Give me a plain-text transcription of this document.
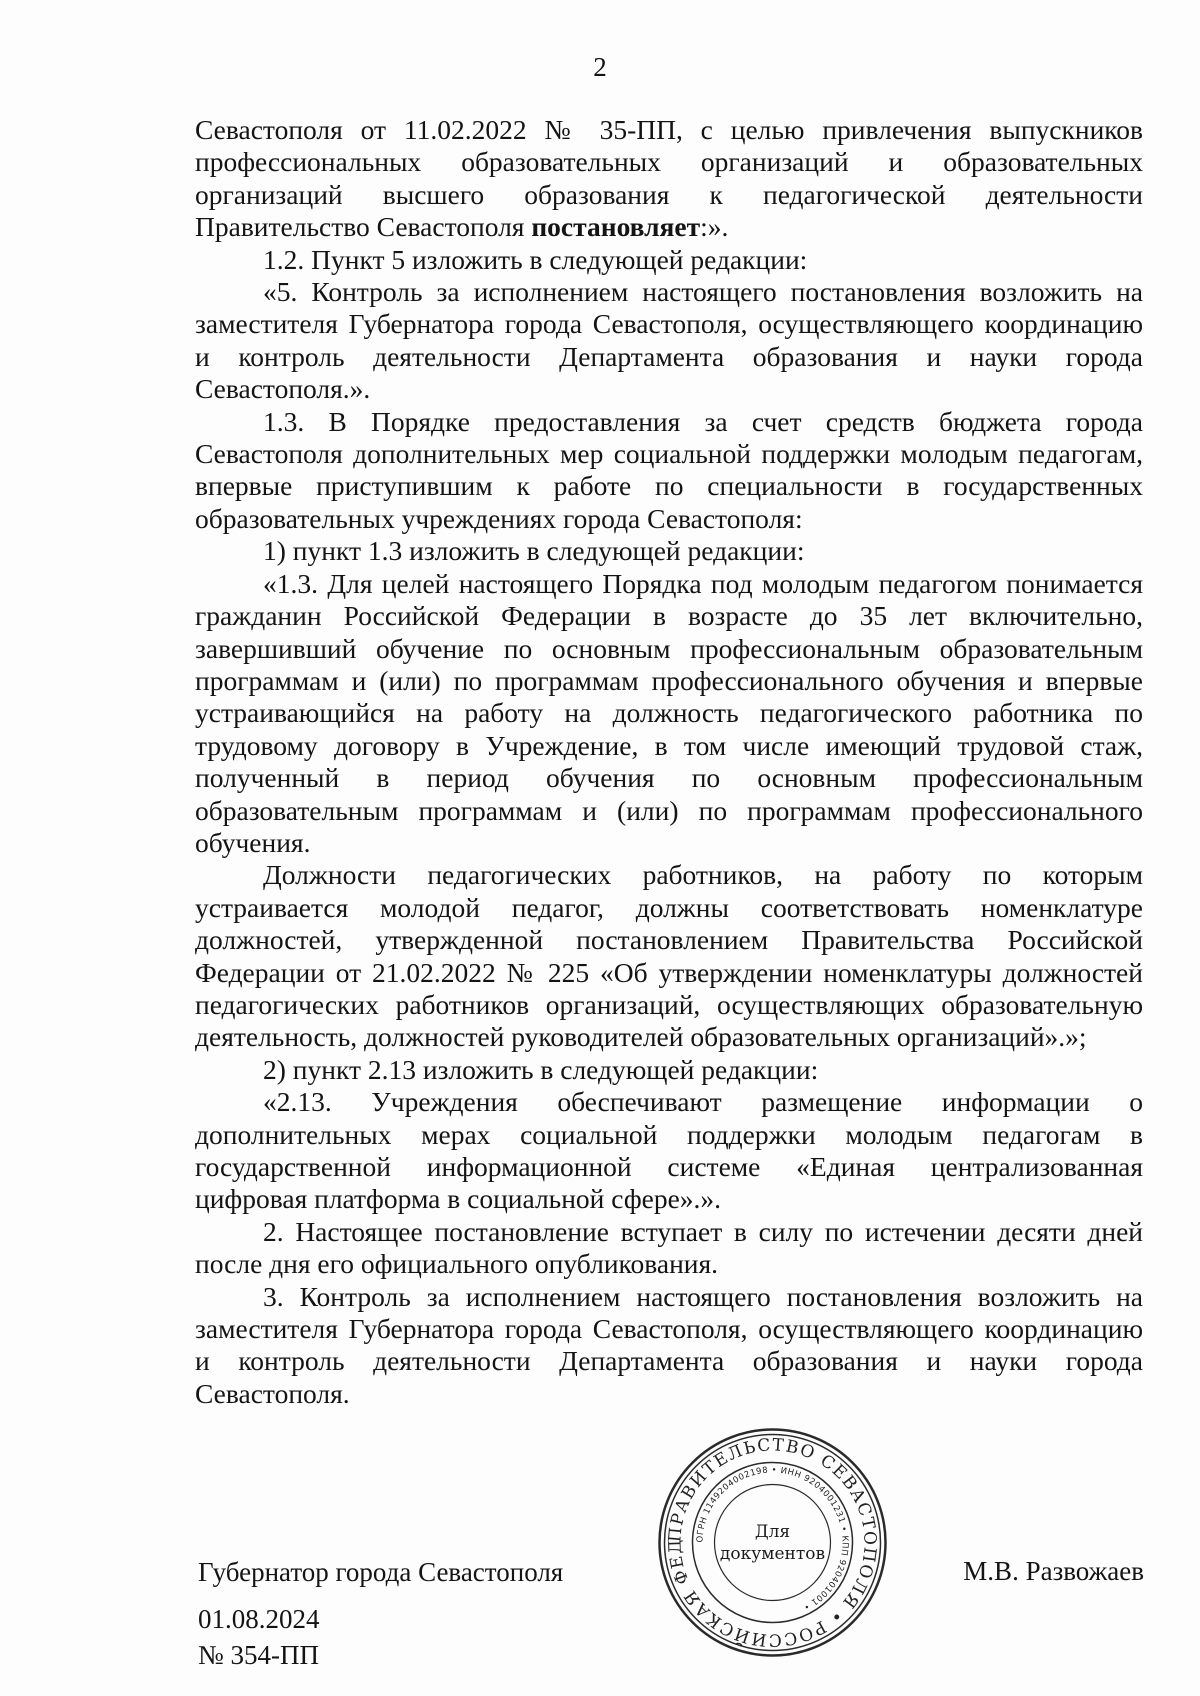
2

Севастополя от 11.02.2022 № 35-ПП, с целью привлечения выпускников профессиональных образовательных организаций и образовательных организаций высшего образования к педагогической деятельности Правительство Севастополя постановляет:».

1.2. Пункт 5 изложить в следующей редакции:

«5. Контроль за исполнением настоящего постановления возложить на заместителя Губернатора города Севастополя, осуществляющего координацию и контроль деятельности Департамента образования и науки города Севастополя.».

1.3. В Порядке предоставления за счет средств бюджета города Севастополя дополнительных мер социальной поддержки молодым педагогам, впервые приступившим к работе по специальности в государственных образовательных учреждениях города Севастополя:

1) пункт 1.3 изложить в следующей редакции:

«1.3. Для целей настоящего Порядка под молодым педагогом понимается гражданин Российской Федерации в возрасте до 35 лет включительно, завершивший обучение по основным профессиональным образовательным программам и (или) по программам профессионального обучения и впервые устраивающийся на работу на должность педагогического работника по трудовому договору в Учреждение, в том числе имеющий трудовой стаж, полученный в период обучения по основным профессиональным образовательным программам и (или) по программам профессионального обучения.

Должности педагогических работников, на работу по которым устраивается молодой педагог, должны соответствовать номенклатуре должностей, утвержденной постановлением Правительства Российской Федерации от 21.02.2022 № 225 «Об утверждении номенклатуры должностей педагогических работников организаций, осуществляющих образовательную деятельность, должностей руководителей образовательных организаций».»;

2) пункт 2.13 изложить в следующей редакции:

«2.13. Учреждения обеспечивают размещение информации о дополнительных мерах социальной поддержки молодым педагогам в государственной информационной системе «Единая централизованная цифровая платформа в социальной сфере».».

2. Настоящее постановление вступает в силу по истечении десяти дней после дня его официального опубликования.

3. Контроль за исполнением настоящего постановления возложить на заместителя Губернатора города Севастополя, осуществляющего координацию и контроль деятельности Департамента образования и науки города Севастополя.

Губернатор города Севастополя	М.В. Развожаев
01.08.2024
№ 354-ПП
ПРАВИТЕЛЬСТВО СЕВАСТОПОЛЯ • РОССИЙСКАЯ ФЕД	ОГРН 1149204002198 • ИНН 9204001231 • КПП 920401001 •
Для
документов
